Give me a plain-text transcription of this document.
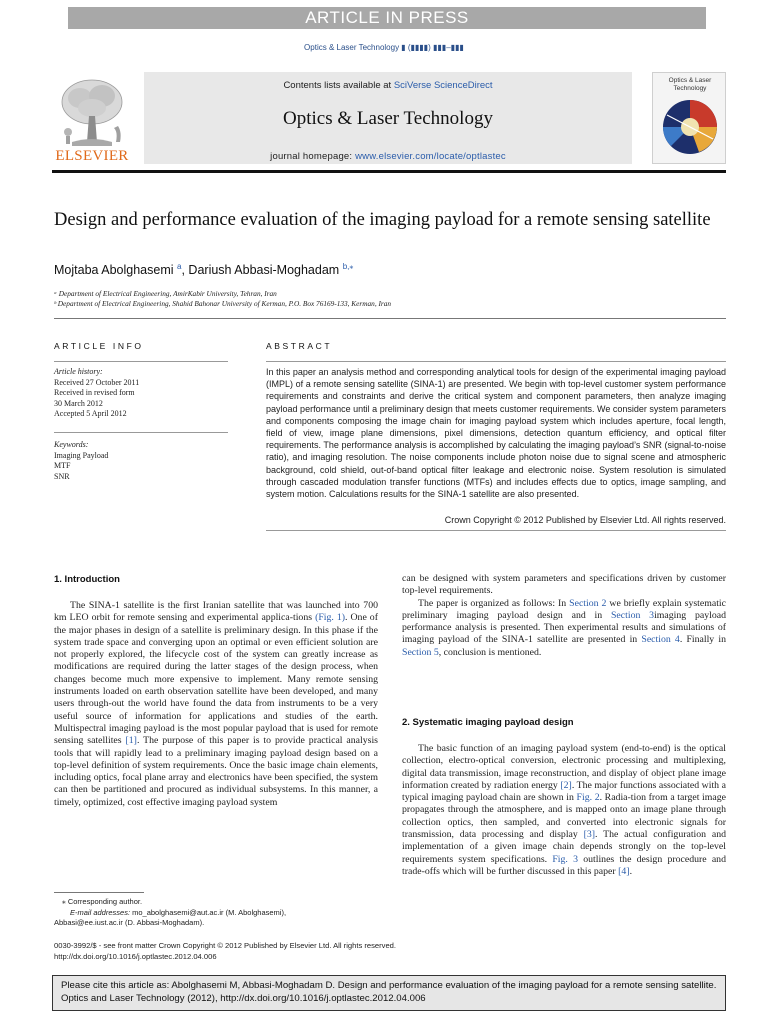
ARTICLE IN PRESS
Optics & Laser Technology ▮ (▮▮▮▮) ▮▮▮–▮▮▮
ELSEVIER
Contents lists available at SciVerse ScienceDirect
Optics & Laser Technology
journal homepage: www.elsevier.com/locate/optlastec
Optics & Laser Technology
Design and performance evaluation of the imaging payload for a remote sensing satellite
Mojtaba Abolghasemi $^a$, Dariush Abbasi-Moghadam $^{b,⁎}$
ᵃ Department of Electrical Engineering, AmirKabir University, Tehran, Iran
ᵇ Department of Electrical Engineering, Shahid Bahonar University of Kerman, P.O. Box 76169-133, Kerman, Iran
ARTICLE INFO	ABSTRACT
Article history:
Received 27 October 2011
Received in revised form
30 March 2012
Accepted 5 April 2012
Keywords:
Imaging Payload
MTF
SNR
In this paper an analysis method and corresponding analytical tools for design of the experimental imaging payload (IMPL) of a remote sensing satellite (SINA-1) are presented. We begin with top-level customer system performance requirements and constraints and derive the critical system and component parameters, then analyze imaging payload performance until a preliminary design that meets customer requirements. We consider system parameters and components composing the image chain for imaging payload system which includes aperture, focal length, field of view, image plane dimensions, pixel dimensions, detection quantum efficiency, and optical filter requirements. The performance analysis is accomplished by calculating the imaging payload’s SNR (signal-to-noise ratio), and imaging resolution. The noise components include photon noise due to signal scene and atmospheric background, cold shield, out-of-band optical filter leakage and electronic noise. System resolution is simulated through cascaded modulation transfer functions (MTFs) and includes effects due to optics, image sampling, and system motion. Calculations results for the SINA-1 satellite are also presented.
Crown Copyright © 2012 Published by Elsevier Ltd. All rights reserved.
1. Introduction

The SINA-1 satellite is the first Iranian satellite that was launched into 700 km LEO orbit for remote sensing and experimental applica-tions (Fig. 1). One of the major phases in design of a satellite is preliminary design. In this phase if the system trade space and converging upon an optimal or even efficient solution are not properly explored, the lifecycle cost of the system can greatly increase as modifications are required during the latter stages of the design process, when changes become much more expensive to implement. Many remote sensing instruments loaded on earth observation satellite have been developed, and many users through-out the world have found the data from instruments to be a very useful source of information for applications and studies of the earth. Multispectral imaging payload is the most popular payload that is used for remote sensing satellites [1]. The purpose of this paper is to provide practical analysis tools that will rapidly lead to a preliminary imaging payload design based on a top-level definition of system requirements. Once the basic image chain elements, including optics, focal plane array and electronics have been specified, the system can then be partitioned and procured as individual subsystems. In this manner, a timely, optimized, cost effective imaging payload system

can be designed with system parameters and specifications driven by customer top-level requirements.

The paper is organized as follows: In Section 2 we briefly explain systematic preliminary imaging payload design and in Section 3imaging payload performance analysis is presented. Then experimental results and simulations of imaging payload of the SINA-1 satellite are presented in Section 4. Finally in Section 5, conclusion is mentioned.

2. Systematic imaging payload design

The basic function of an imaging payload system (end-to-end) is the optical collection, electro-optical conversion, electronic processing and multiplexing, digital data transmission, image reconstruction, and display of object plane image information created by radiation energy [2]. The major functions associated with a typical imaging payload chain are shown in Fig. 2. Radia-tion from a target image propagates through the atmosphere, and is mapped onto an image plane through collection optics, then sampled, and converted into electronic signals for transmission, data processing and display [3]. The actual configuration and implementation of a given image chain depends strongly on the top-level requirements system specifications. Fig. 3 outlines the design procedure and trade-offs which will be further discussed in this paper [4].

⁎ Corresponding author.
E-mail addresses: mo_abolghasemi@aut.ac.ir (M. Abolghasemi),
Abbasi@ee.iust.ac.ir (D. Abbasi-Moghadam).
0030-3992/$ - see front matter Crown Copyright © 2012 Published by Elsevier Ltd. All rights reserved.
http://dx.doi.org/10.1016/j.optlastec.2012.04.006
Please cite this article as: Abolghasemi M, Abbasi-Moghadam D. Design and performance evaluation of the imaging payload for a remote sensing satellite. Optics and Laser Technology (2012), http://dx.doi.org/10.1016/j.optlastec.2012.04.006
